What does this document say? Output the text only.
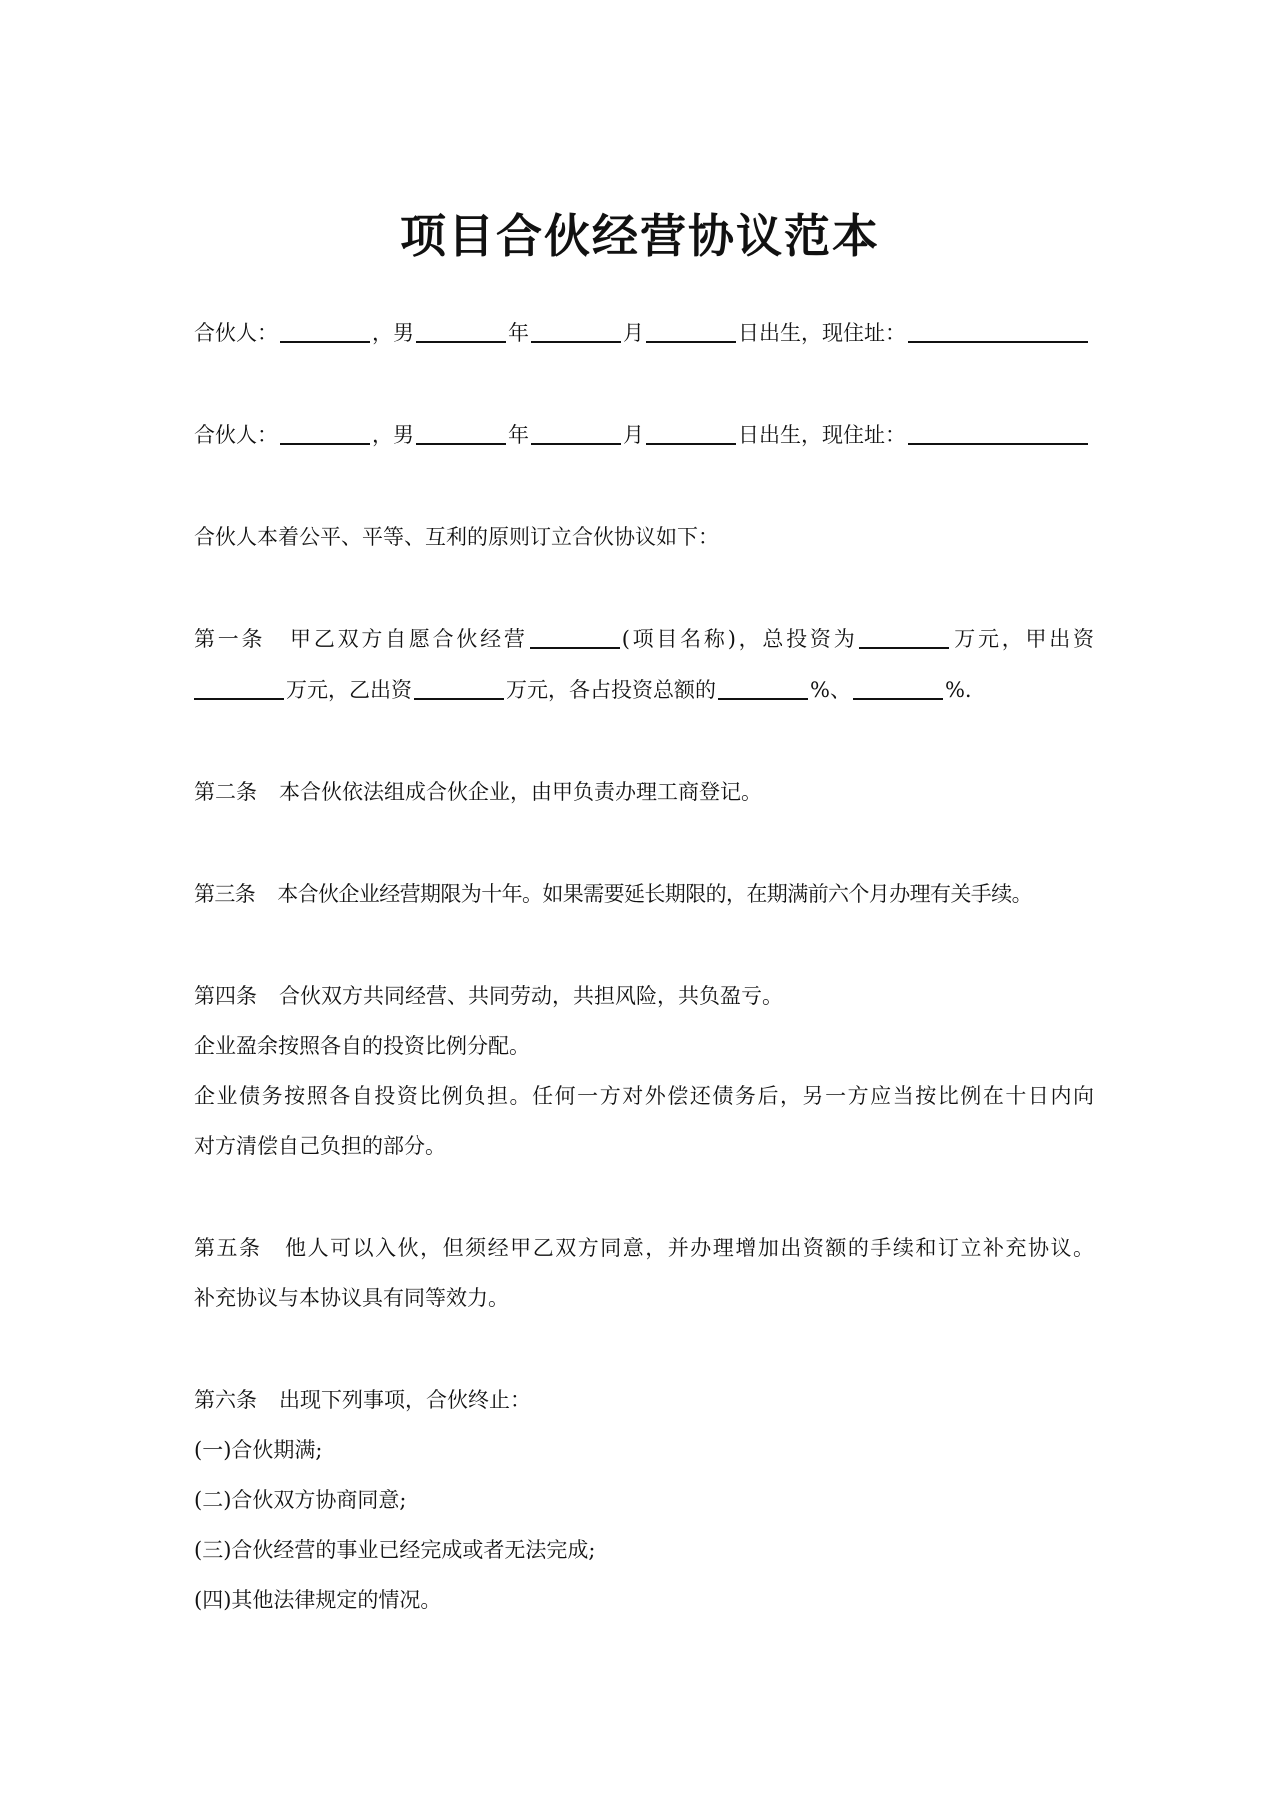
项目合伙经营协议范本
合伙人：	，男	年	月	日出生，现住址：
合伙人：	，男	年	月	日出生，现住址：
合伙人本着公平、平等、互利的原则订立合伙协议如下：
第一条 甲乙双方自愿合伙经营	(项目名称)，总投资为	万元，甲出资
万元，乙出资	万元，各占投资总额的	%、	%.
第二条 本合伙依法组成合伙企业，由甲负责办理工商登记。
第三条 本合伙企业经营期限为十年。如果需要延长期限的，在期满前六个月办理有关手续。
第四条 合伙双方共同经营、共同劳动，共担风险，共负盈亏。
企业盈余按照各自的投资比例分配。
企业债务按照各自投资比例负担。任何一方对外偿还债务后，另一方应当按比例在十日内向
对方清偿自己负担的部分。
第五条 他人可以入伙，但须经甲乙双方同意，并办理增加出资额的手续和订立补充协议。
补充协议与本协议具有同等效力。
第六条 出现下列事项，合伙终止：
(一)合伙期满;
(二)合伙双方协商同意;
(三)合伙经营的事业已经完成或者无法完成;
(四)其他法律规定的情况。
